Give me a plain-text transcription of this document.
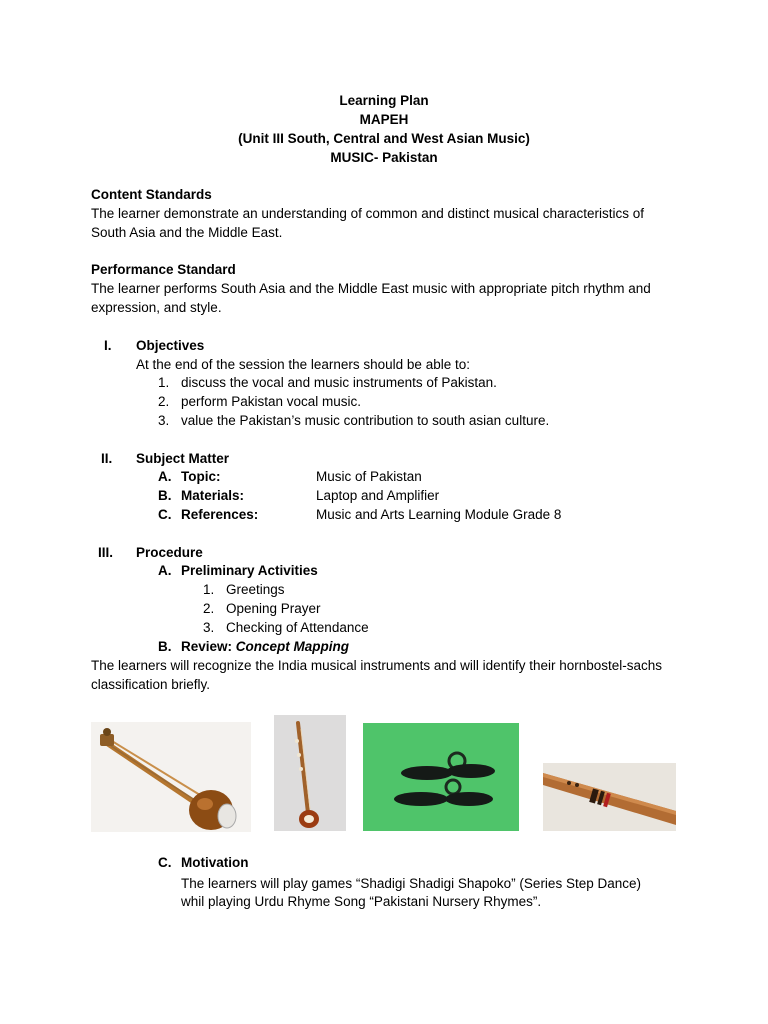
Learning Plan
MAPEH
(Unit III South, Central and West Asian Music)
MUSIC- Pakistan
Content Standards
The learner demonstrate an understanding of common and distinct musical characteristics of South Asia and the Middle East.
Performance Standard
The learner performs South Asia and the Middle East music with appropriate pitch rhythm and expression, and style.
I. Objectives
At the end of the session the learners should be able to:
1. discuss the vocal and music instruments of Pakistan.
2. perform Pakistan vocal music.
3. value the Pakistan’s music contribution to south asian culture.
II. Subject Matter
A. Topic:	Music of Pakistan
B. Materials:	Laptop and Amplifier
C. References:	Music and Arts Learning Module Grade 8
III. Procedure
A. Preliminary Activities
1. Greetings
2. Opening Prayer
3. Checking of Attendance
B. Review: Concept Mapping
The learners will recognize the India musical instruments and will identify their hornbostel-sachs classification briefly.
C. Motivation
The learners will play games “Shadigi Shadigi Shapoko” (Series Step Dance)
whil playing Urdu Rhyme Song “Pakistani Nursery Rhymes”.
